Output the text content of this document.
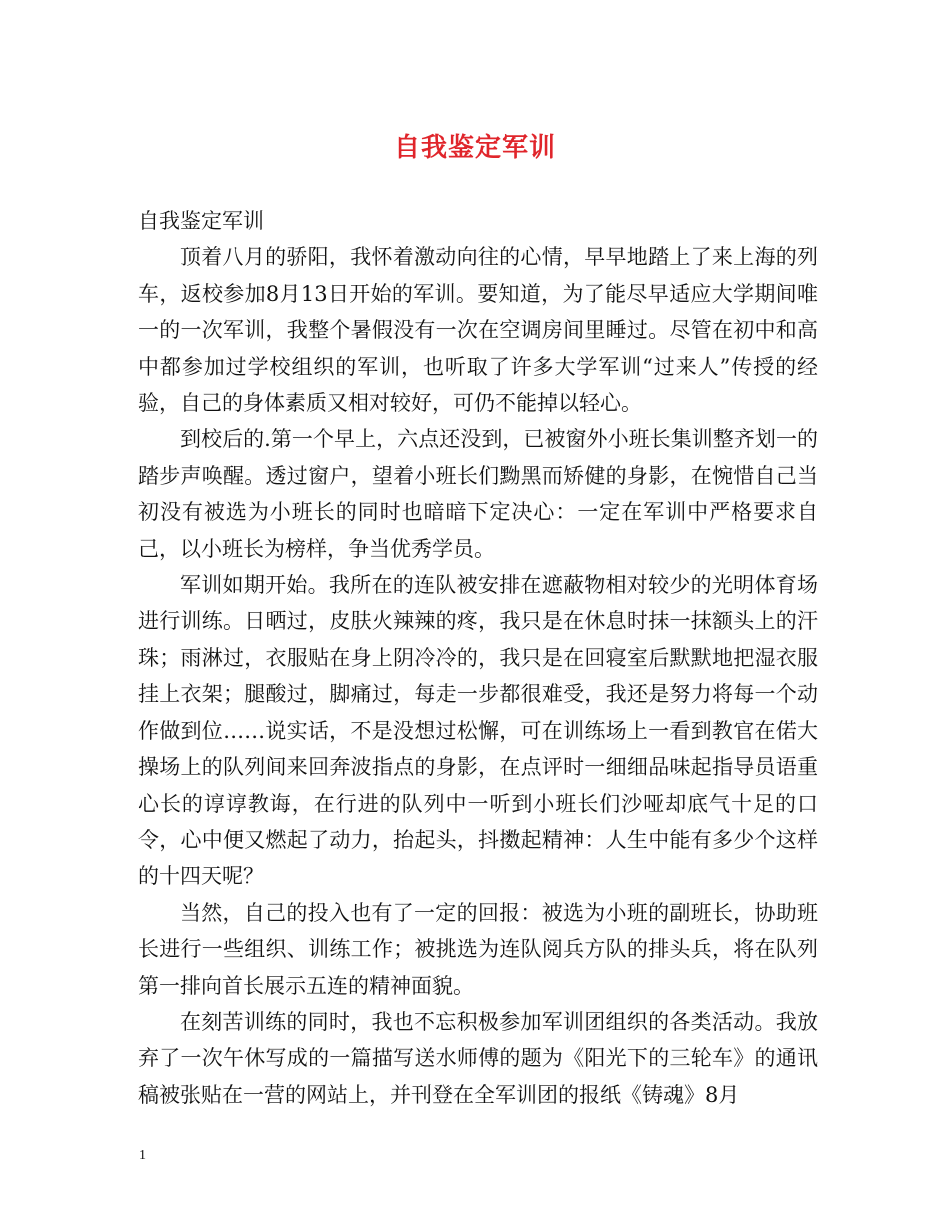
自我鉴定军训

自我鉴定军训

顶着八月的骄阳，我怀着激动向往的心情，早早地踏上了来上海的列车，返校参加8月13日开始的军训。要知道，为了能尽早适应大学期间唯一的一次军训，我整个暑假没有一次在空调房间里睡过。尽管在初中和高中都参加过学校组织的军训，也听取了许多大学军训“过来人”传授的经验，自己的身体素质又相对较好，可仍不能掉以轻心。

到校后的.第一个早上，六点还没到，已被窗外小班长集训整齐划一的踏步声唤醒。透过窗户，望着小班长们黝黑而矫健的身影，在惋惜自己当初没有被选为小班长的同时也暗暗下定决心：一定在军训中严格要求自己，以小班长为榜样，争当优秀学员。

军训如期开始。我所在的连队被安排在遮蔽物相对较少的光明体育场进行训练。日晒过，皮肤火辣辣的疼，我只是在休息时抹一抹额头上的汗珠；雨淋过，衣服贴在身上阴冷冷的，我只是在回寝室后默默地把湿衣服挂上衣架；腿酸过，脚痛过，每走一步都很难受，我还是努力将每一个动作做到位……说实话，不是没想过松懈，可在训练场上一看到教官在偌大操场上的队列间来回奔波指点的身影，在点评时一细细品味起指导员语重心长的谆谆教诲，在行进的队列中一听到小班长们沙哑却底气十足的口令，心中便又燃起了动力，抬起头，抖擞起精神：人生中能有多少个这样的十四天呢？

当然，自己的投入也有了一定的回报：被选为小班的副班长，协助班长进行一些组织、训练工作；被挑选为连队阅兵方队的排头兵，将在队列第一排向首长展示五连的精神面貌。

在刻苦训练的同时，我也不忘积极参加军训团组织的各类活动。我放弃了一次午休写成的一篇描写送水师傅的题为《阳光下的三轮车》的通讯稿被张贴在一营的网站上，并刊登在全军训团的报纸《铸魂》8月

1
